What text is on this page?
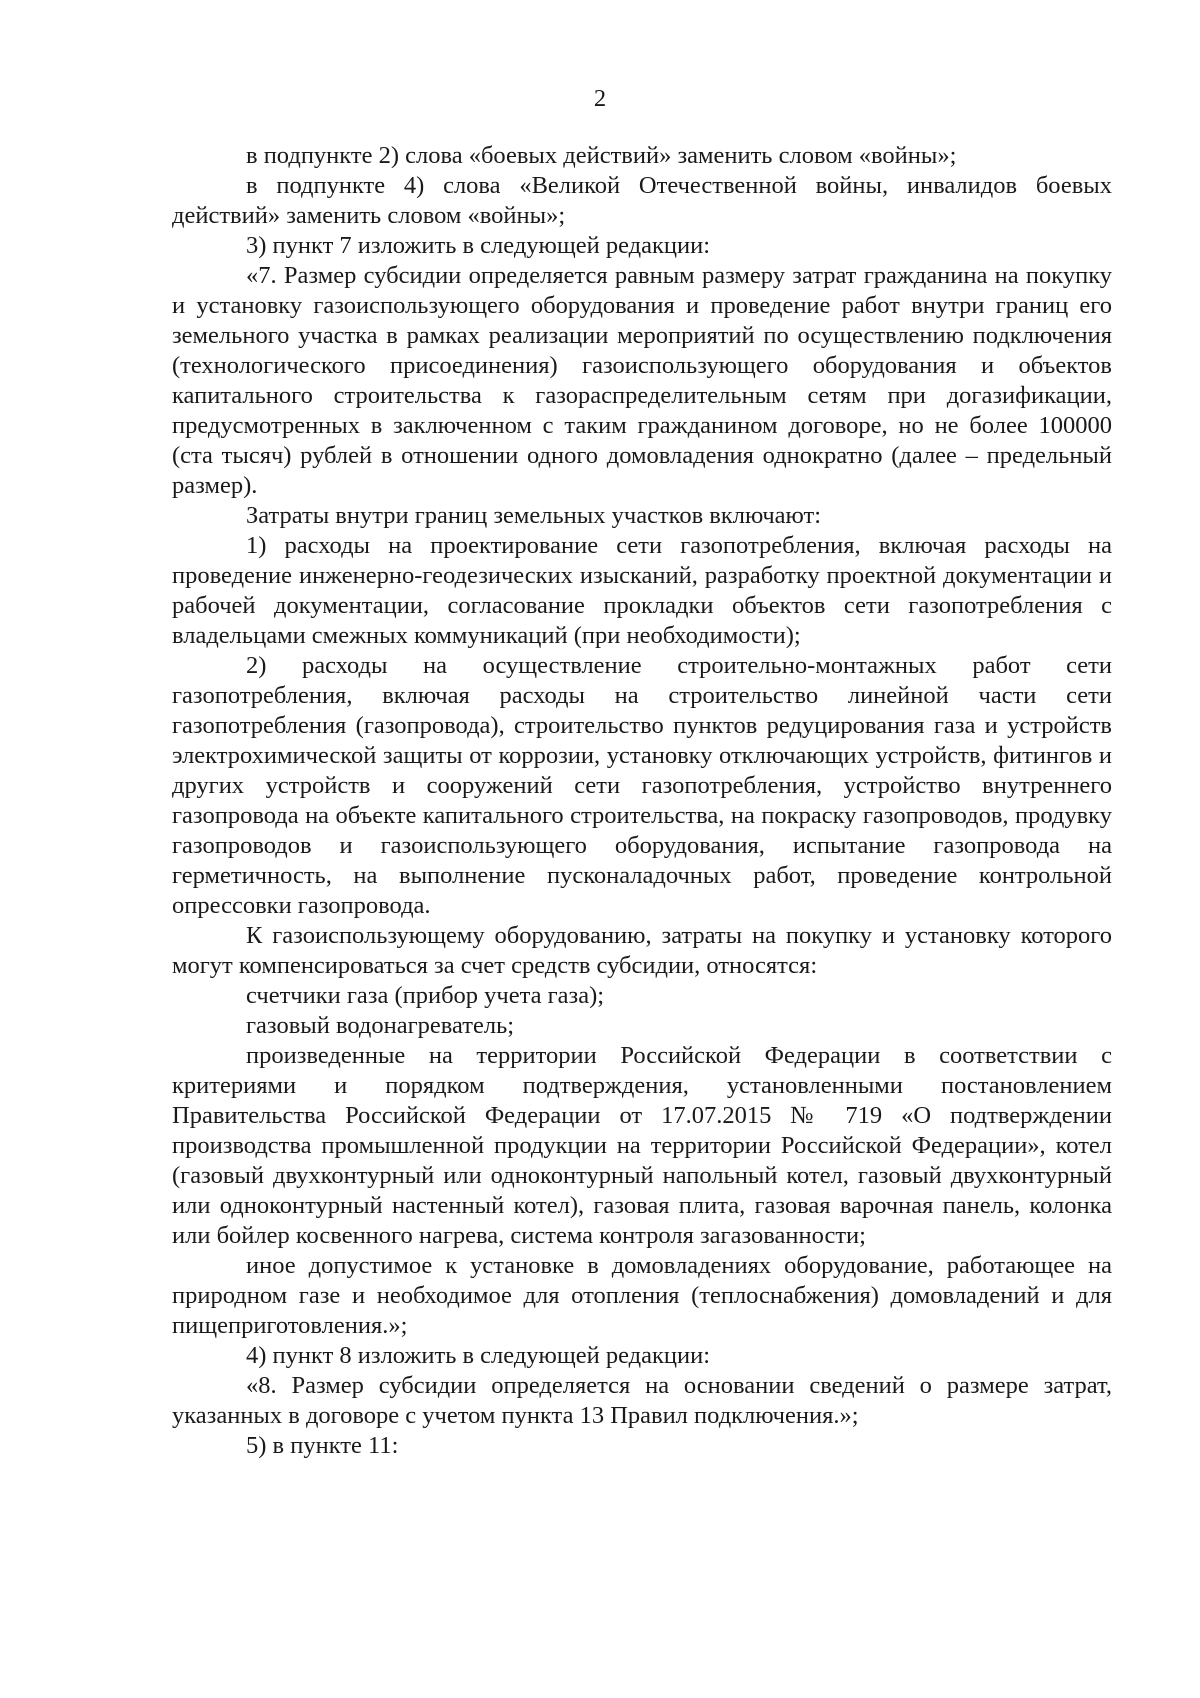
2

в подпункте 2) слова «боевых действий» заменить словом «войны»;

в подпункте 4) слова «Великой Отечественной войны, инвалидов боевых действий» заменить словом «войны»;

3) пункт 7 изложить в следующей редакции:

«7. Размер субсидии определяется равным размеру затрат гражданина на покупку и установку газоиспользующего оборудования и проведение работ внутри границ его земельного участка в рамках реализации мероприятий по осуществлению подключения (технологического присоединения) газоиспользующего оборудования и объектов капитального строительства к газораспределительным сетям при догазификации, предусмотренных в заключенном с таким гражданином договоре, но не более 100000 (ста тысяч) рублей в отношении одного домовладения однократно (далее – предельный размер).

Затраты внутри границ земельных участков включают:

1) расходы на проектирование сети газопотребления, включая расходы на проведение инженерно-геодезических изысканий, разработку проектной документации и рабочей документации, согласование прокладки объектов сети газопотребления с владельцами смежных коммуникаций (при необходимости);

2) расходы на осуществление строительно-монтажных работ сети газопотребления, включая расходы на строительство линейной части сети газопотребления (газопровода), строительство пунктов редуцирования газа и устройств электрохимической защиты от коррозии, установку отключающих устройств, фитингов и других устройств и сооружений сети газопотребления, устройство внутреннего газопровода на объекте капитального строительства, на покраску газопроводов, продувку газопроводов и газоиспользующего оборудования, испытание газопровода на герметичность, на выполнение пусконаладочных работ, проведение контрольной опрессовки газопровода.

К газоиспользующему оборудованию, затраты на покупку и установку которого могут компенсироваться за счет средств субсидии, относятся:

счетчики газа (прибор учета газа);

газовый водонагреватель;

произведенные на территории Российской Федерации в соответствии с критериями и порядком подтверждения, установленными постановлением Правительства Российской Федерации от 17.07.2015 № 719 «О подтверждении производства промышленной продукции на территории Российской Федерации», котел (газовый двухконтурный или одноконтурный напольный котел, газовый двухконтурный или одноконтурный настенный котел), газовая плита, газовая варочная панель, колонка или бойлер косвенного нагрева, система контроля загазованности;

иное допустимое к установке в домовладениях оборудование, работающее на природном газе и необходимое для отопления (теплоснабжения) домовладений и для пищеприготовления.»;

4) пункт 8 изложить в следующей редакции:

«8. Размер субсидии определяется на основании сведений о размере затрат, указанных в договоре с учетом пункта 13 Правил подключения.»;

5) в пункте 11:
